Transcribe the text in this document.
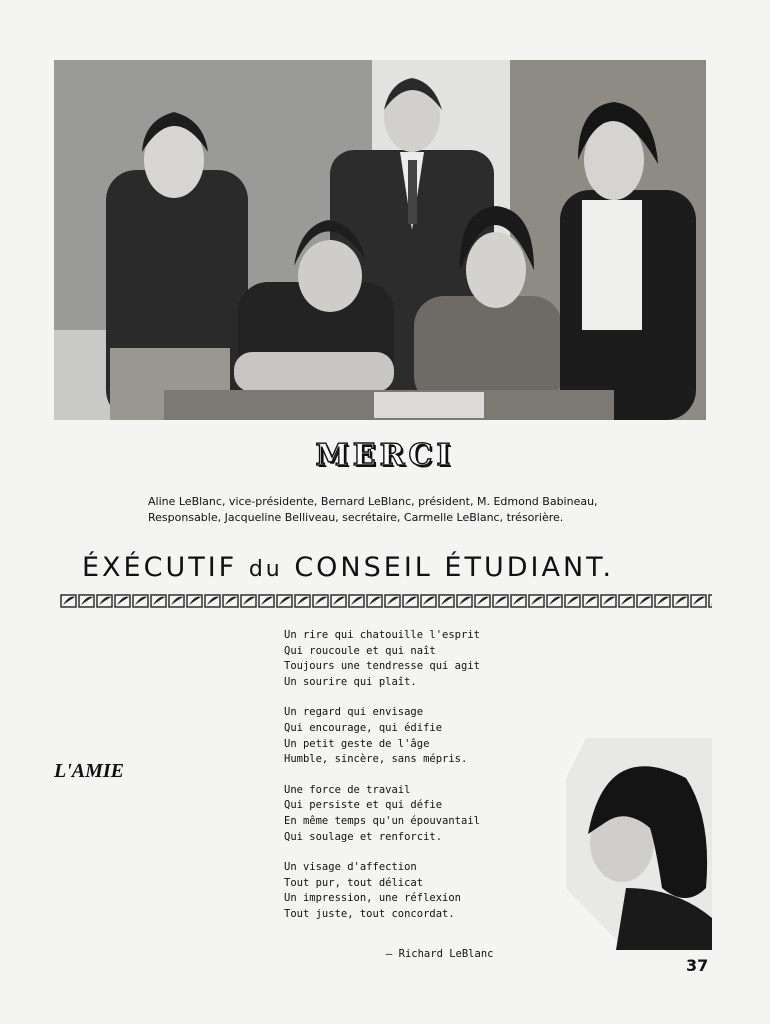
MERCI
Aline LeBlanc, vice-présidente, Bernard LeBlanc, président, M. Edmond Babineau,
Responsable, Jacqueline Belliveau, secrétaire, Carmelle LeBlanc, trésorière.
ÉXÉCUTIF du CONSEIL ÉTUDIANT.
L'AMIE
Un rire qui chatouille l'esprit
Qui roucoule et qui naît
Toujours une tendresse qui agit
Un sourire qui plaît.
Un regard qui envisage
Qui encourage, qui édifie
Un petit geste de l'âge
Humble, sincère, sans mépris.
Une force de travail
Qui persiste et qui défie
En même temps qu'un épouvantail
Qui soulage et renforcit.
Un visage d'affection
Tout pur, tout délicat
Un impression, une réflexion
Tout juste, tout concordat.
– Richard LeBlanc
37
